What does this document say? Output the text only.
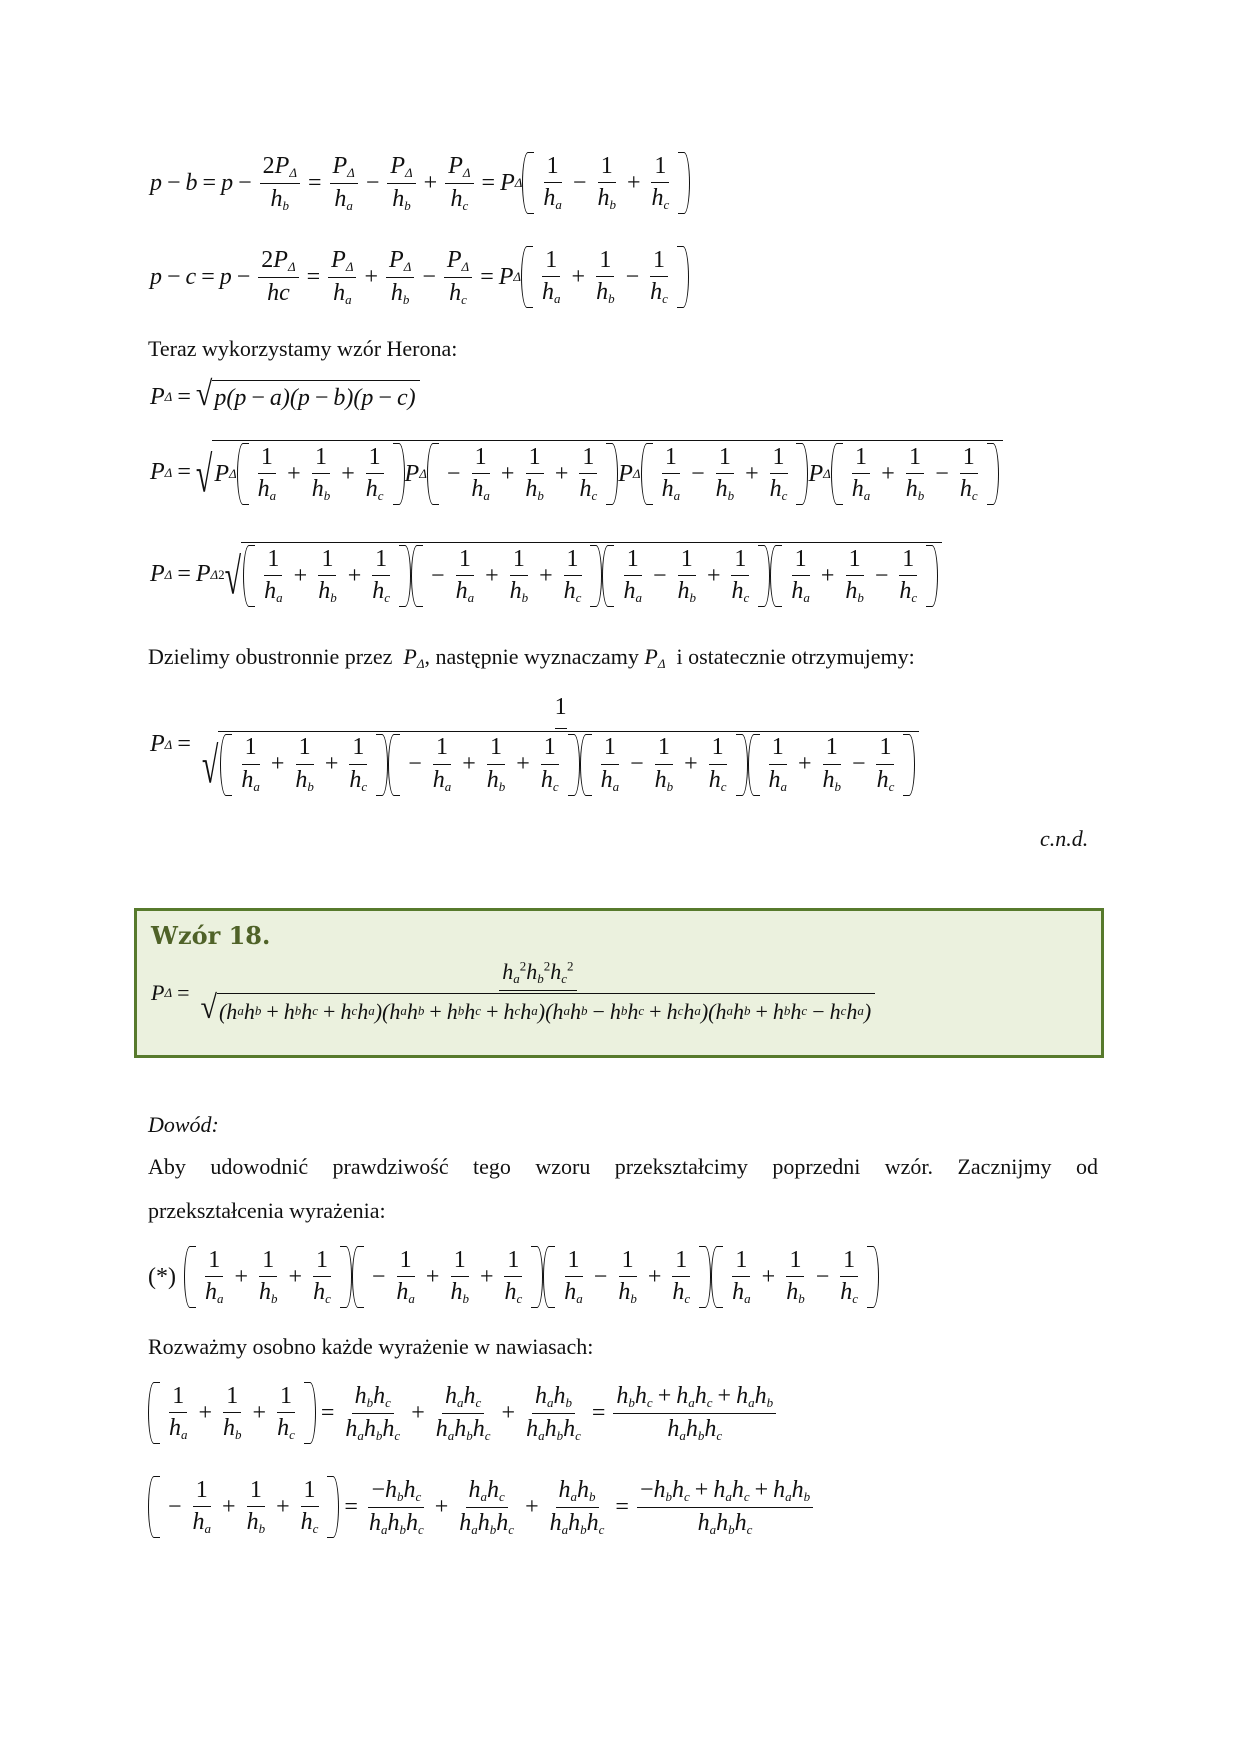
$p - b = p - \frac{2P_\Delta}{h_b} = \frac{P_\Delta}{h_a} - \frac{P_\Delta}{h_b} + \frac{P_\Delta}{h_c} = P$ Δ $\frac{1}{h_a} - \frac{1}{h_b} + \frac{1}{h_c}$
$p - c = p - \frac{2P_\Delta}{hc} = \frac{P_\Delta}{h_a} + \frac{P_\Delta}{h_b} - \frac{P_\Delta}{h_c} = P$ Δ $\frac{1}{h_a} + \frac{1}{h_b} - \frac{1}{h_c}$
Teraz wykorzystamy wzór Herona:
P Δ = √ p(p − a)(p − b)(p − c)
P Δ = √ P Δ $\frac{1}{h_a} + \frac{1}{h_b} + \frac{1}{h_c}$ P $\Delta - \frac{1}{h_a} + \frac{1}{h_b} + \frac{1}{h_c}$ P Δ $\frac{1}{h_a} - \frac{1}{h_b} + \frac{1}{h_c}$ P Δ $\frac{1}{h_a} + \frac{1}{h_b} - \frac{1}{h_c}$
P Δ = P Δ 2 √ $\frac{1}{h_a} + \frac{1}{h_b} + \frac{1}{h_c} - \frac{1}{h_a} + \frac{1}{h_b} + \frac{1}{h_c} \frac{1}{h_a} - \frac{1}{h_b} + \frac{1}{h_c} \frac{1}{h_a} + \frac{1}{h_b} - \frac{1}{h_c}$
Dzielimy obustronnie przez  $P_\Delta$, następnie wyznaczamy $P_\Delta$ i ostatecznie otrzymujemy:
P Δ =
1
√ $\frac{1}{h_a} + \frac{1}{h_b} + \frac{1}{h_c} - \frac{1}{h_a} + \frac{1}{h_b} + \frac{1}{h_c} \frac{1}{h_a} - \frac{1}{h_b} + \frac{1}{h_c} \frac{1}{h_a} + \frac{1}{h_b} - \frac{1}{h_c}$
c.n.d.
Wzór 18.
P Δ =
$h_a^2h_b^2h_c^2$
√ (h a h b + h b h c + h c h a )(h a h b + h b h c + h c h a )(h a h b − h b h c + h c h a )(h a h b + h b h c − h c h a )
Dowód:
Aby udowodnić prawdziwość tego wzoru przekształcimy poprzedni wzór. Zacznijmy od
przekształcenia wyrażenia:
(*) $\frac{1}{h_a} + \frac{1}{h_b} + \frac{1}{h_c} - \frac{1}{h_a} + \frac{1}{h_b} + \frac{1}{h_c} \frac{1}{h_a} - \frac{1}{h_b} + \frac{1}{h_c} \frac{1}{h_a} + \frac{1}{h_b} - \frac{1}{h_c}$
Rozważmy osobno każde wyrażenie w nawiasach:
$\frac{1}{h_a} + \frac{1}{h_b} + \frac{1}{h_c} = \frac{h_bh_c}{h_ah_bh_c} + \frac{h_ah_c}{h_ah_bh_c} + \frac{h_ah_b}{h_ah_bh_c} = \frac{h_bh_c + h_ah_c + h_ah_b}{h_ah_bh_c}$
− $\frac{1}{h_a} + \frac{1}{h_b} + \frac{1}{h_c} = \frac{-h_bh_c}{h_ah_bh_c} + \frac{h_ah_c}{h_ah_bh_c} + \frac{h_ah_b}{h_ah_bh_c} = \frac{-h_bh_c + h_ah_c + h_ah_b}{h_ah_bh_c}$
